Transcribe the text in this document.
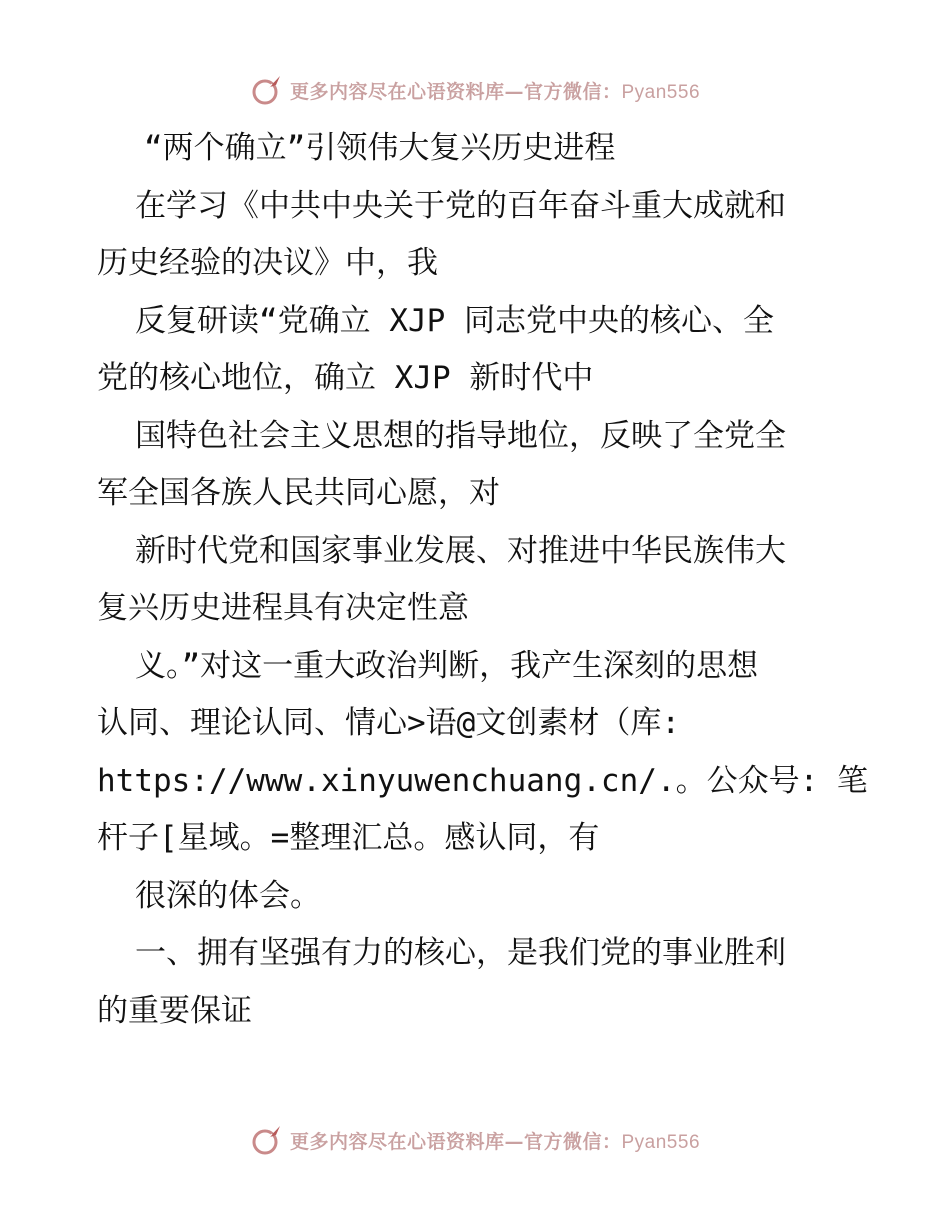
更多内容尽在心语资料库—官方微信：Pyan556
“两个确立”引领伟大复兴历史进程
在学习《中共中央关于党的百年奋斗重大成就和
历史经验的决议》中，我
反复研读“党确立 XJP 同志党中央的核心、全
党的核心地位，确立 XJP 新时代中
国特色社会主义思想的指导地位，反映了全党全
军全国各族人民共同心愿，对
新时代党和国家事业发展、对推进中华民族伟大
复兴历史进程具有决定性意
义。”对这一重大政治判断，我产生深刻的思想
认同、理论认同、情心>语@文创素材（库:
https://www.xinyuwenchuang.cn/.。公众号: 笔
杆子[星域。=整理汇总。感认同，有
很深的体会。
一、拥有坚强有力的核心，是我们党的事业胜利
的重要保证
更多内容尽在心语资料库—官方微信：Pyan556
